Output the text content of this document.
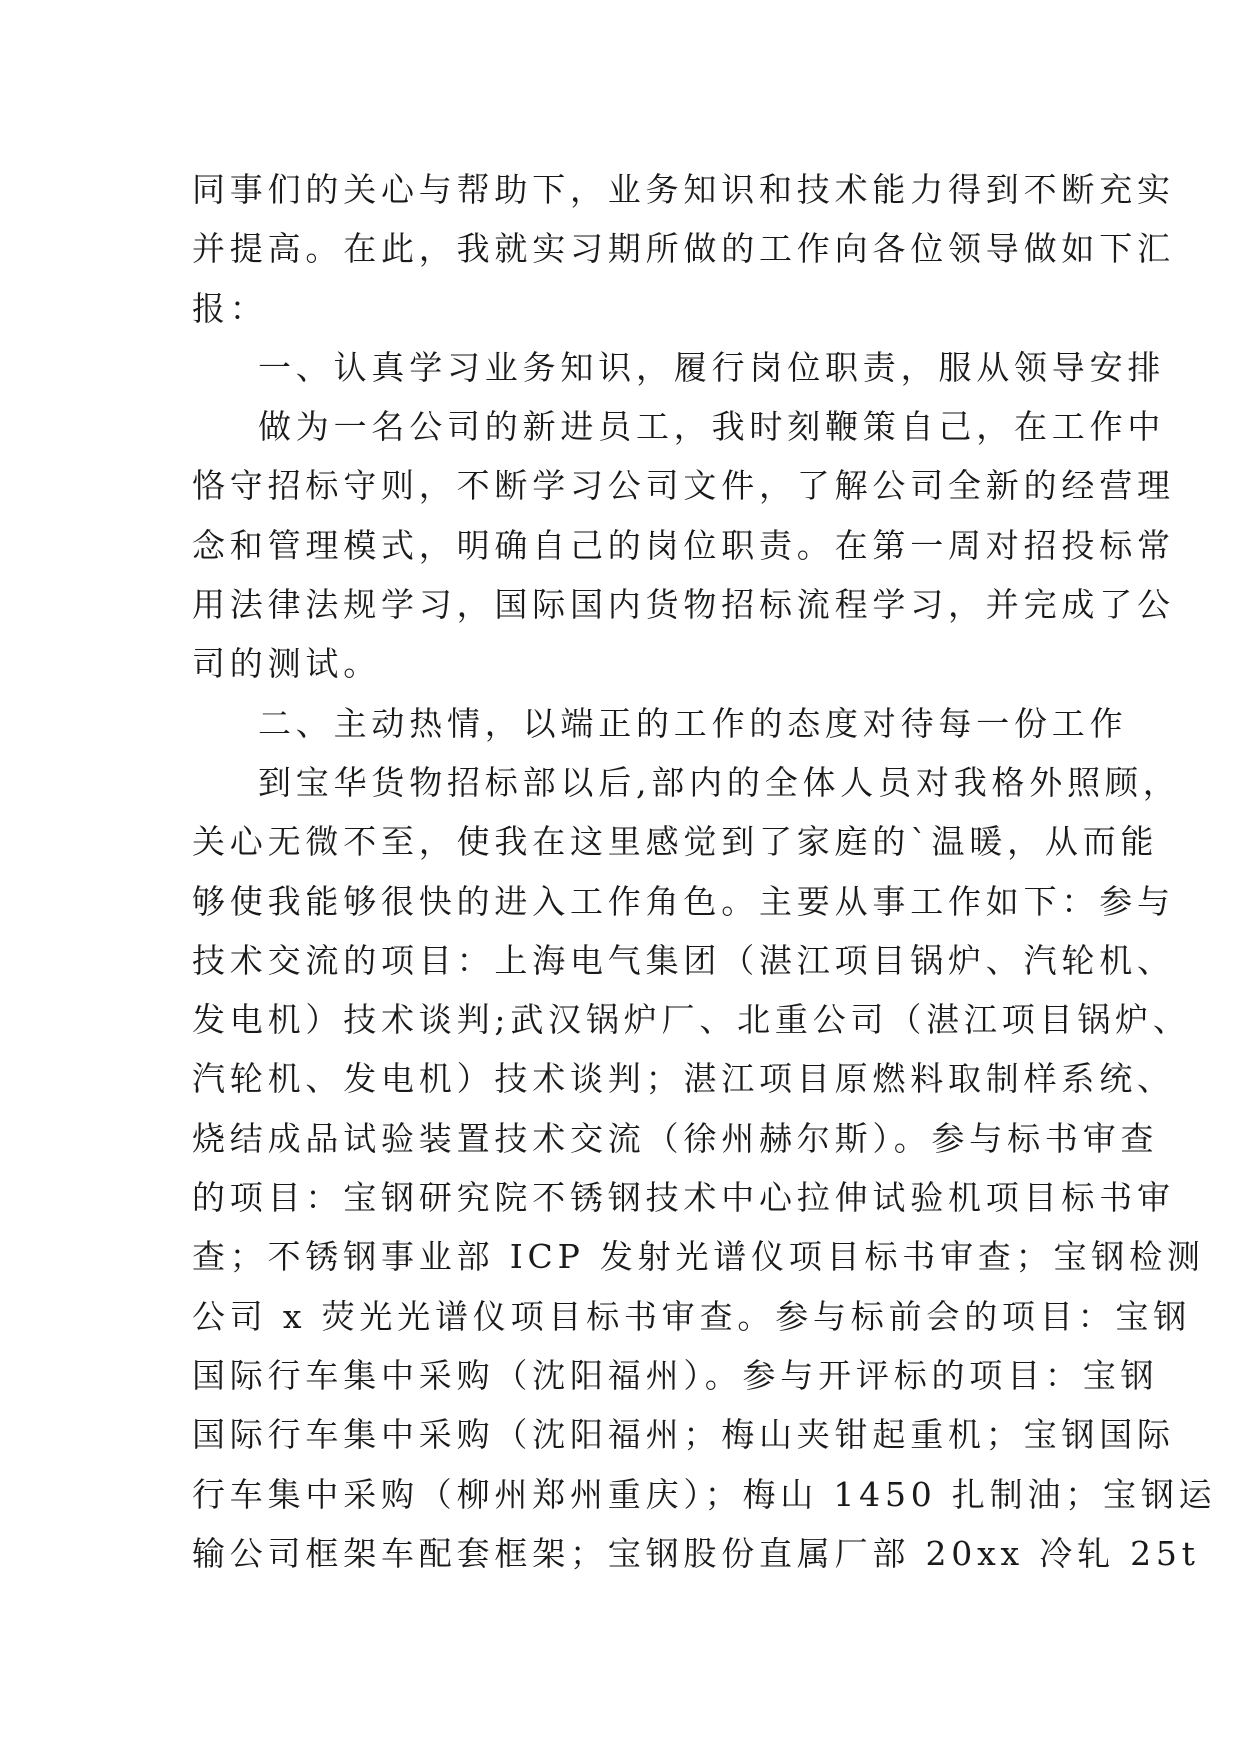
同事们的关心与帮助下，业务知识和技术能力得到不断充实
并提高。在此，我就实习期所做的工作向各位领导做如下汇
报：
一、认真学习业务知识，履行岗位职责，服从领导安排
做为一名公司的新进员工，我时刻鞭策自己，在工作中
恪守招标守则，不断学习公司文件，了解公司全新的经营理
念和管理模式，明确自己的岗位职责。在第一周对招投标常
用法律法规学习，国际国内货物招标流程学习，并完成了公
司的测试。
二、主动热情，以端正的工作的态度对待每一份工作
到宝华货物招标部以后,部内的全体人员对我格外照顾，
关心无微不至，使我在这里感觉到了家庭的`温暖，从而能
够使我能够很快的进入工作角色。主要从事工作如下：参与
技术交流的项目：上海电气集团（湛江项目锅炉、汽轮机、
发电机）技术谈判;武汉锅炉厂、北重公司（湛江项目锅炉、
汽轮机、发电机）技术谈判；湛江项目原燃料取制样系统、
烧结成品试验装置技术交流（徐州赫尔斯）。参与标书审查
的项目：宝钢研究院不锈钢技术中心拉伸试验机项目标书审
查；不锈钢事业部 ICP 发射光谱仪项目标书审查；宝钢检测
公司 x 荧光光谱仪项目标书审查。参与标前会的项目：宝钢
国际行车集中采购（沈阳福州）。参与开评标的项目：宝钢
国际行车集中采购（沈阳福州；梅山夹钳起重机；宝钢国际
行车集中采购（柳州郑州重庆）；梅山 1450 扎制油；宝钢运
输公司框架车配套框架；宝钢股份直属厂部 20xx 冷轧 25t
